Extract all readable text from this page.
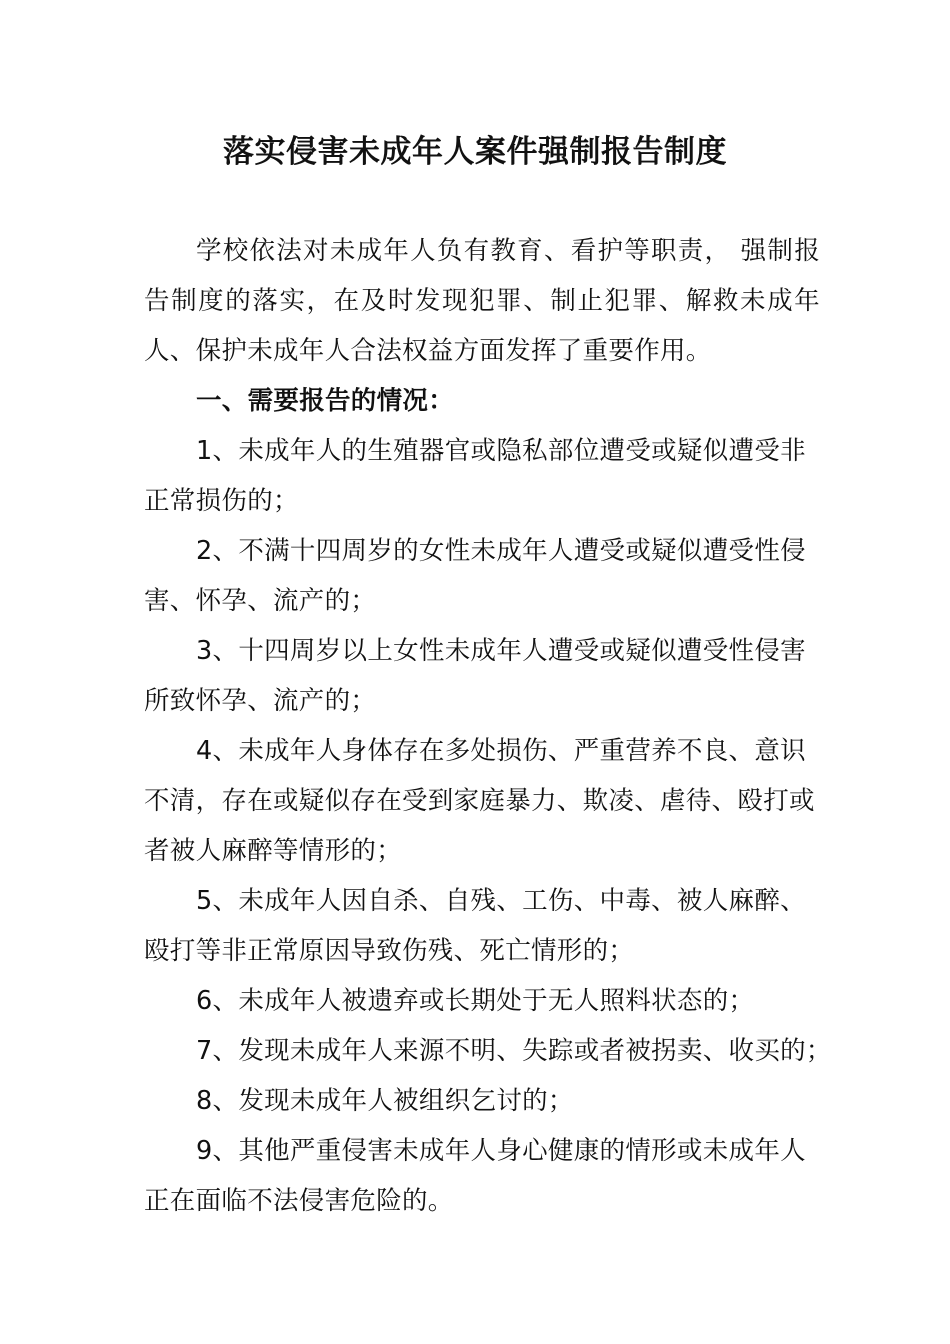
落实侵害未成年人案件强制报告制度

学校依法对未成年人负有教育、看护等职责， 强制报告制度的落实，在及时发现犯罪、制止犯罪、解救未成年人、保护未成年人合法权益方面发挥了重要作用。

一、需要报告的情况：

1、未成年人的生殖器官或隐私部位遭受或疑似遭受非正常损伤的；

2、不满十四周岁的女性未成年人遭受或疑似遭受性侵害、怀孕、流产的；

3、十四周岁以上女性未成年人遭受或疑似遭受性侵害所致怀孕、流产的；

4、未成年人身体存在多处损伤、严重营养不良、意识不清，存在或疑似存在受到家庭暴力、欺凌、虐待、殴打或者被人麻醉等情形的；

5、未成年人因自杀、自残、工伤、中毒、被人麻醉、殴打等非正常原因导致伤残、死亡情形的；

6、未成年人被遗弃或长期处于无人照料状态的；

7、发现未成年人来源不明、失踪或者被拐卖、收买的；

8、发现未成年人被组织乞讨的；

9、其他严重侵害未成年人身心健康的情形或未成年人正在面临不法侵害危险的。
